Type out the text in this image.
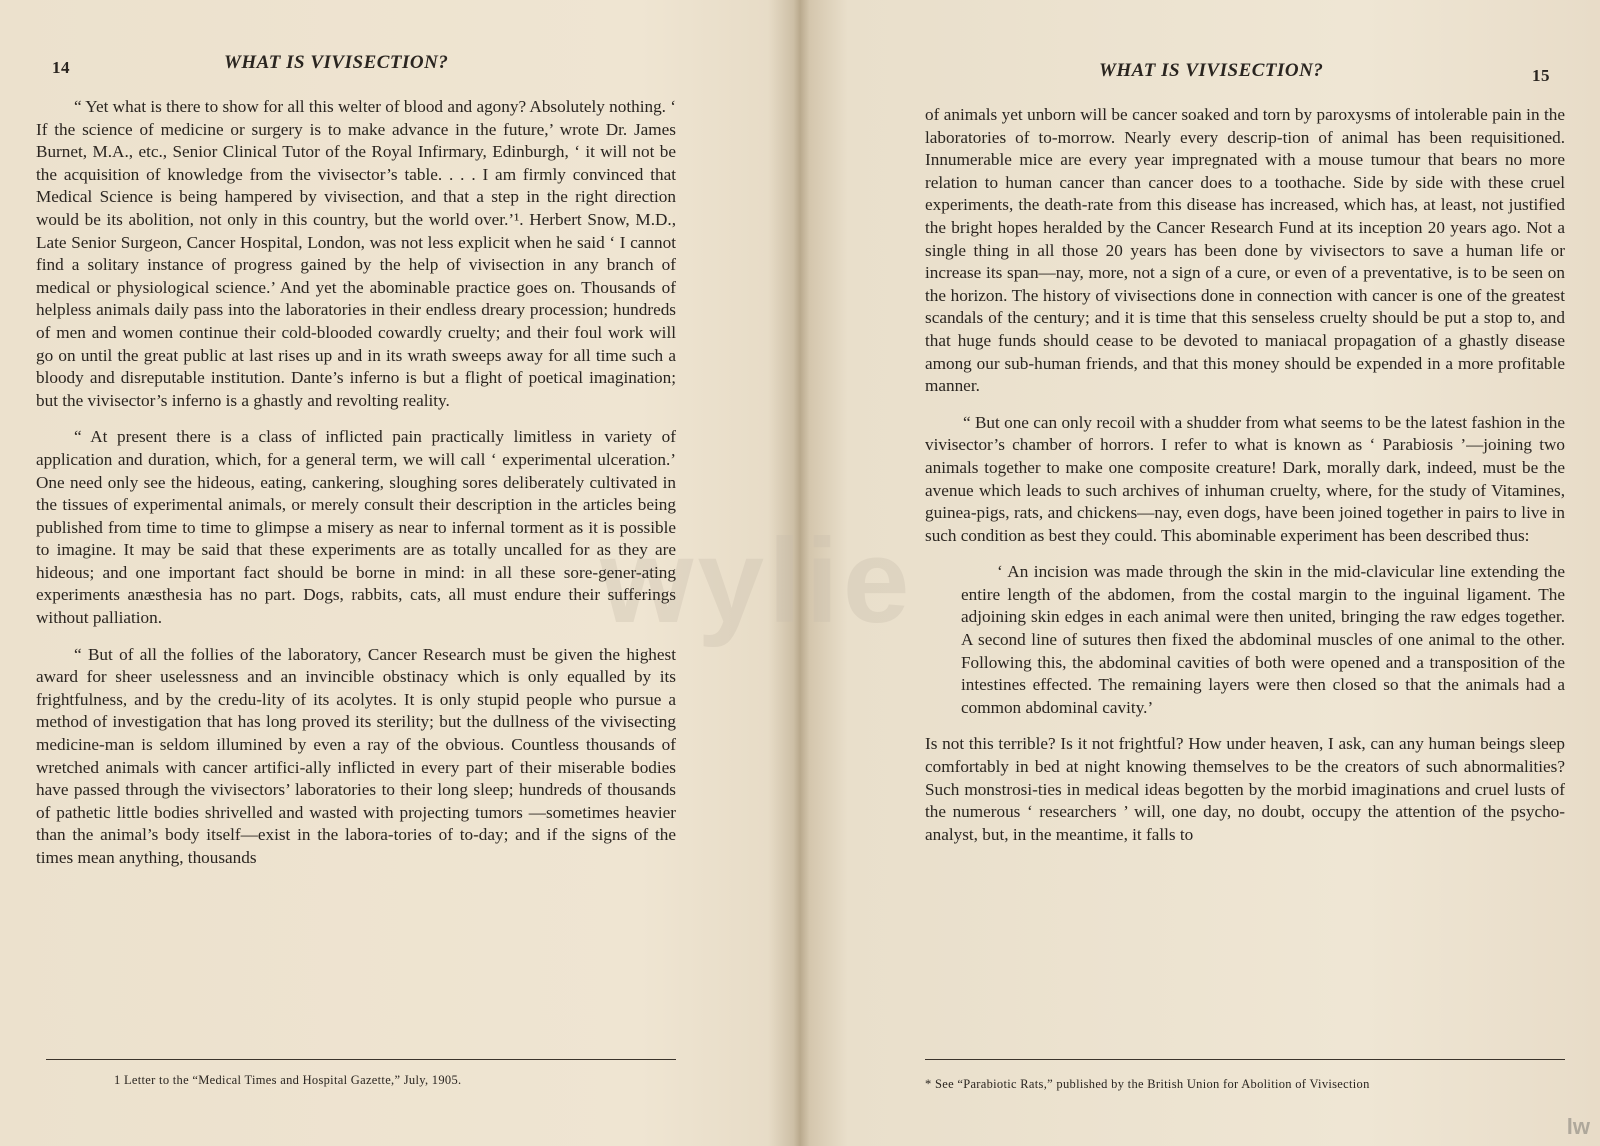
wylie
14	WHAT IS VIVISECTION?

“ Yet what is there to show for all this welter of blood and agony? Absolutely nothing. ‘ If the science of medicine or surgery is to make advance in the future,’ wrote Dr. James Burnet, M.A., etc., Senior Clinical Tutor of the Royal Infirmary, Edinburgh, ‘ it will not be the acquisition of knowledge from the vivisector’s table. . . . I am firmly convinced that Medical Science is being hampered by vivisection, and that a step in the right direction would be its abolition, not only in this country, but the world over.’¹. Herbert Snow, M.D., Late Senior Surgeon, Cancer Hospital, London, was not less explicit when he said ‘ I cannot find a solitary instance of progress gained by the help of vivisection in any branch of medical or physiological science.’ And yet the abominable practice goes on. Thousands of helpless animals daily pass into the laboratories in their endless dreary procession; hundreds of men and women continue their cold-blooded cowardly cruelty; and their foul work will go on until the great public at last rises up and in its wrath sweeps away for all time such a bloody and disreputable institution. Dante’s inferno is but a flight of poetical imagination; but the vivisector’s inferno is a ghastly and revolting reality.

“ At present there is a class of inflicted pain practically limitless in variety of application and duration, which, for a general term, we will call ‘ experimental ulceration.’ One need only see the hideous, eating, cankering, sloughing sores deliberately cultivated in the tissues of experimental animals, or merely consult their description in the articles being published from time to time to glimpse a misery as near to infernal torment as it is possible to imagine. It may be said that these experiments are as totally uncalled for as they are hideous; and one important fact should be borne in mind: in all these sore-gener-ating experiments anæsthesia has no part. Dogs, rabbits, cats, all must endure their sufferings without palliation.

“ But of all the follies of the laboratory, Cancer Research must be given the highest award for sheer uselessness and an invincible obstinacy which is only equalled by its frightfulness, and by the credu-lity of its acolytes. It is only stupid people who pursue a method of investigation that has long proved its sterility; but the dullness of the vivisecting medicine-man is seldom illumined by even a ray of the obvious. Countless thousands of wretched animals with cancer artifici-ally inflicted in every part of their miserable bodies have passed through the vivisectors’ laboratories to their long sleep; hundreds of thousands of pathetic little bodies shrivelled and wasted with projecting tumors —sometimes heavier than the animal’s body itself—exist in the labora-tories of to-day; and if the signs of the times mean anything, thousands

1 Letter to the “Medical Times and Hospital Gazette,” July, 1905.
WHAT IS VIVISECTION?	15

of animals yet unborn will be cancer soaked and torn by paroxysms of intolerable pain in the laboratories of to-morrow. Nearly every descrip-tion of animal has been requisitioned. Innumerable mice are every year impregnated with a mouse tumour that bears no more relation to human cancer than cancer does to a toothache. Side by side with these cruel experiments, the death-rate from this disease has increased, which has, at least, not justified the bright hopes heralded by the Cancer Research Fund at its inception 20 years ago. Not a single thing in all those 20 years has been done by vivisectors to save a human life or increase its span—nay, more, not a sign of a cure, or even of a preventative, is to be seen on the horizon. The history of vivisections done in connection with cancer is one of the greatest scandals of the century; and it is time that this senseless cruelty should be put a stop to, and that huge funds should cease to be devoted to maniacal propagation of a ghastly disease among our sub-human friends, and that this money should be expended in a more profitable manner.

“ But one can only recoil with a shudder from what seems to be the latest fashion in the vivisector’s chamber of horrors. I refer to what is known as ‘ Parabiosis ’—joining two animals together to make one composite creature! Dark, morally dark, indeed, must be the avenue which leads to such archives of inhuman cruelty, where, for the study of Vitamines, guinea-pigs, rats, and chickens—nay, even dogs, have been joined together in pairs to live in such condition as best they could. This abominable experiment has been described thus:

‘ An incision was made through the skin in the mid-clavicular line extending the entire length of the abdomen, from the costal margin to the inguinal ligament. The adjoining skin edges in each animal were then united, bringing the raw edges together. A second line of sutures then fixed the abdominal muscles of one animal to the other. Following this, the abdominal cavities of both were opened and a transposition of the intestines effected. The remaining layers were then closed so that the animals had a common abdominal cavity.’

Is not this terrible? Is it not frightful? How under heaven, I ask, can any human beings sleep comfortably in bed at night knowing themselves to be the creators of such abnormalities? Such monstrosi-ties in medical ideas begotten by the morbid imaginations and cruel lusts of the numerous ‘ researchers ’ will, one day, no doubt, occupy the attention of the psycho-analyst, but, in the meantime, it falls to

* See “Parabiotic Rats,” published by the British Union for Abolition of Vivisection
lw
